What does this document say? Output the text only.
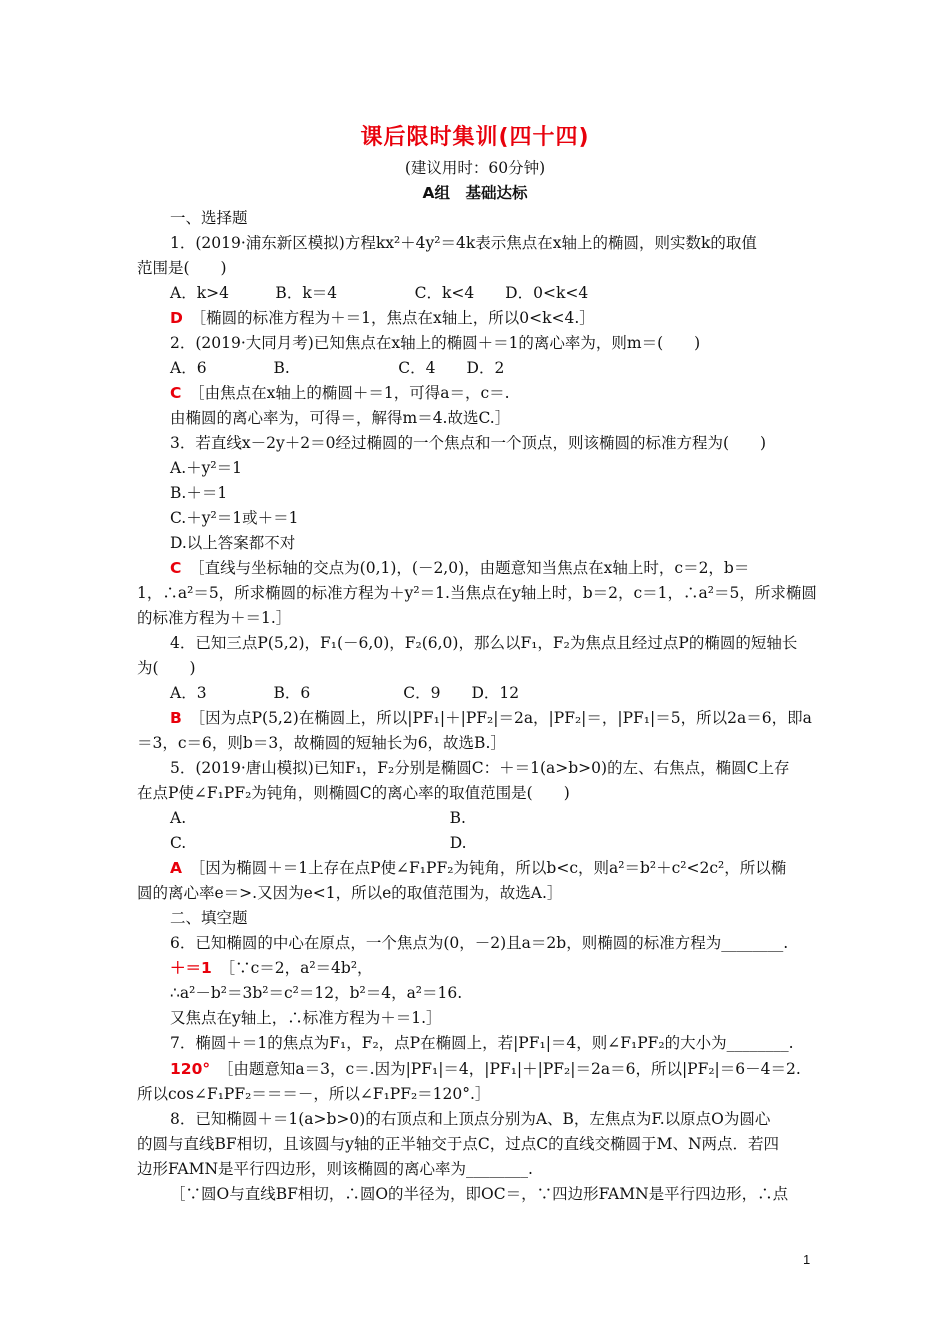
课后限时集训(四十四)
(建议用时：60分钟)
A组　基础达标
一、选择题
1．(2019·浦东新区模拟)方程kx²＋4y²＝4k表示焦点在x轴上的椭圆，则实数k的取值
范围是(　　)
A．k>4　　　B．k＝4　　　　　C．k<4　　D．0<k<4
D　 ［椭圆的标准方程为＋＝1，焦点在x轴上，所以0<k<4.］
2．(2019·大同月考)已知焦点在x轴上的椭圆＋＝1的离心率为，则m＝(　　)
A．6　　　　 B.　　　　　　　C．4　　D．2
C　 ［由焦点在x轴上的椭圆＋＝1，可得a＝，c＝.
由椭圆的离心率为，可得＝，解得m＝4.故选C.］
3．若直线x－2y＋2＝0经过椭圆的一个焦点和一个顶点，则该椭圆的标准方程为(　　)
A.＋y²＝1
B.＋＝1
C.＋y²＝1或＋＝1
D.以上答案都不对
C　 ［直线与坐标轴的交点为(0,1)，(－2,0)，由题意知当焦点在x轴上时，c＝2，b＝
1，∴a²＝5，所求椭圆的标准方程为＋y²＝1.当焦点在y轴上时，b＝2，c＝1，∴a²＝5，所求椭圆
的标准方程为＋＝1.］
4．已知三点P(5,2)，F₁(－6,0)，F₂(6,0)，那么以F₁，F₂为焦点且经过点P的椭圆的短轴长
为(　　)
A．3　　　　 B．6　　　　　　C．9　　D．12
B　 ［因为点P(5,2)在椭圆上，所以|PF₁|＋|PF₂|＝2a，|PF₂|＝，|PF₁|＝5，所以2a＝6，即a
＝3，c＝6，则b＝3，故椭圆的短轴长为6，故选B.］
5．(2019·唐山模拟)已知F₁，F₂分别是椭圆C：＋＝1(a>b>0)的左、右焦点，椭圆C上存
在点P使∠F₁PF₂为钝角，则椭圆C的离心率的取值范围是(　　)
A.　　　　　　　　　　　　　　　　　B.
C.　　　　　　　　　　　　　　　　　D.
A　 ［因为椭圆＋＝1上存在点P使∠F₁PF₂为钝角，所以b<c，则a²＝b²＋c²<2c²，所以椭
圆的离心率e＝>.又因为e<1，所以e的取值范围为，故选A.］
二、填空题
6．已知椭圆的中心在原点，一个焦点为(0，－2)且a＝2b，则椭圆的标准方程为________.
＋＝1　 ［∵c＝2，a²＝4b²，
∴a²－b²＝3b²＝c²＝12，b²＝4，a²＝16.
又焦点在y轴上，∴标准方程为＋＝1.］
7．椭圆＋＝1的焦点为F₁，F₂，点P在椭圆上，若|PF₁|＝4，则∠F₁PF₂的大小为________.
120°　 ［由题意知a＝3，c＝.因为|PF₁|＝4，|PF₁|＋|PF₂|＝2a＝6，所以|PF₂|＝6－4＝2.
所以cos∠F₁PF₂＝＝＝－，所以∠F₁PF₂＝120°.］
8．已知椭圆＋＝1(a>b>0)的右顶点和上顶点分别为A、B，左焦点为F.以原点O为圆心
的圆与直线BF相切，且该圆与y轴的正半轴交于点C，过点C的直线交椭圆于M、N两点．若四
边形FAMN是平行四边形，则该椭圆的离心率为________.
［∵圆O与直线BF相切，∴圆O的半径为，即OC＝，∵四边形FAMN是平行四边形，∴点
1
